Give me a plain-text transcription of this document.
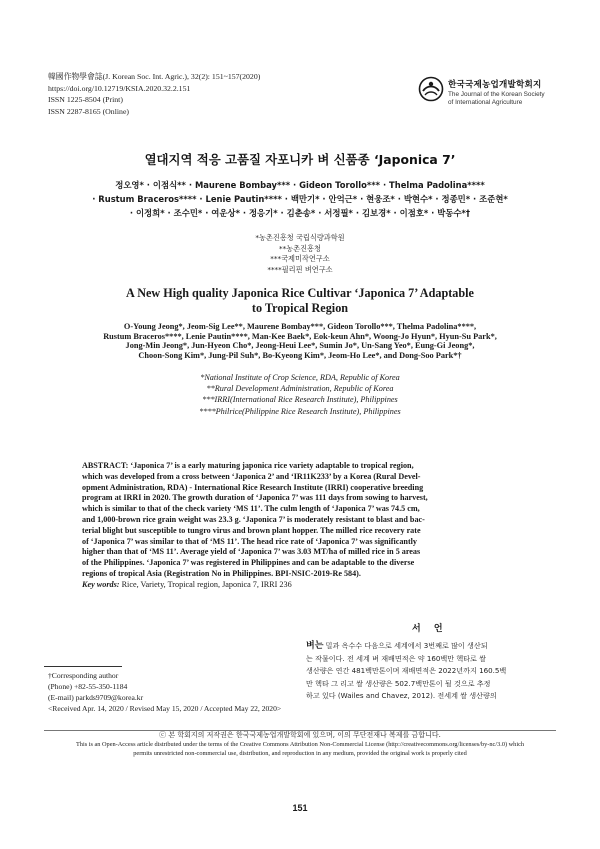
韓國作物學會誌(J. Korean Soc. Int. Agric.), 32(2): 151~157(2020)
https://doi.org/10.12719/KSIA.2020.32.2.151
ISSN 1225-8504 (Print)
ISSN 2287-8165 (Online)
한국국제농업개발학회지
The Journal of the Korean Society
of International Agriculture
열대지역 적응 고품질 자포니카 벼 신품종 ‘Japonica 7’
정오영* · 이점식** · Maurene Bombay*** · Gideon Torollo*** · Thelma Padolina****
· Rustum Braceros**** · Lenie Pautin**** · 백만기* · 안억근* · 현웅조* · 박현수* · 정종민* · 조준현*
· 이정희* · 조수민* · 여운상* · 정응기* · 김춘송* · 서정필* · 김보경* · 이점호* · 박동수*†
*농촌진흥청 국립식량과학원
**농촌진흥청
***국제미작연구소
****필리핀 벼연구소
A New High quality Japonica Rice Cultivar ‘Japonica 7’ Adaptable
to Tropical Region
O-Young Jeong*, Jeom-Sig Lee**, Maurene Bombay***, Gideon Torollo***, Thelma Padolina****,
Rustum Braceros****, Lenie Pautin****, Man-Kee Baek*, Eok-keun Ahn*, Woong-Jo Hyun*, Hyun-Su Park*,
Jong-Min Jeong*, Jun-Hyeon Cho*, Jeong-Heui Lee*, Sumin Jo*, Un-Sang Yeo*, Eung-Gi Jeong*,
Choon-Song Kim*, Jung-Pil Suh*, Bo-Kyeong Kim*, Jeom-Ho Lee*, and Dong-Soo Park*†
*National Institute of Crop Science, RDA, Republic of Korea
**Rural Development Administration, Republic of Korea
***IRRI(International Rice Research Institute), Philippines
****Philrice(Philippine Rice Research Institute), Philippines
ABSTRACT: ‘Japonica 7’ is a early maturing japonica rice variety adaptable to tropical region,
which was developed from a cross between ‘Japonica 2’ and ‘IR11K233’ by a Korea (Rural Devel-
opment Administration, RDA) - International Rice Research Institute (IRRI) cooperative breeding
program at IRRI in 2020. The growth duration of ‘Japonica 7’ was 111 days from sowing to harvest,
which is similar to that of the check variety ‘MS 11’. The culm length of ‘Japonica 7’ was 74.5 cm,
and 1,000-brown rice grain weight was 23.3 g. ‘Japonica 7’ is moderately resistant to blast and bac-
terial blight but susceptible to tungro virus and brown plant hopper. The milled rice recovery rate
of ‘Japonica 7’ was similar to that of ‘MS 11’. The head rice rate of ‘Japonica 7’ was significantly
higher than that of ‘MS 11’. Average yield of ‘Japonica 7’ was 3.03 MT/ha of milled rice in 5 areas
of the Philippines. ‘Japonica 7’ was registered in Philippines and can be adaptable to the diverse
regions of tropical Asia (Registration No in Philippines. BPI-NSIC-2019-Re 584).
Key words: Rice, Variety, Tropical region, Japonica 7, IRRI 236
서 언
벼는 밀과 옥수수 다음으로 세계에서 3번째로 많이 생산되
는 작물이다. 전 세계 벼 재배면적은 약 160백만 헥타로 쌀
생산량은 연간 481백만톤이며 재배면적은 2022년까지 160.5백
만 헥타 그 리고 쌀 생산량은 502.7백만톤이 될 것으로 추정
하고 있다 (Wailes and Chavez, 2012). 전세계 쌀 생산량의
†Corresponding author
(Phone) +82-55-350-1184
(E-mail) parkds9709@korea.kr
<Received Apr. 14, 2020 / Revised May 15, 2020 / Accepted May 22, 2020>
ⓒ 본 학회지의 저작권은 한국국제농업개발학회에 있으며, 이의 무단전재나 복제를 금합니다.
This is an Open-Access article distributed under the terms of the Creative Commons Attribution Non-Commercial License (http://creativecommons.org/licenses/by-nc/3.0) which
permits unrestricted non-commercial use, distribution, and reproduction in any medium, provided the original work is properly cited
151
